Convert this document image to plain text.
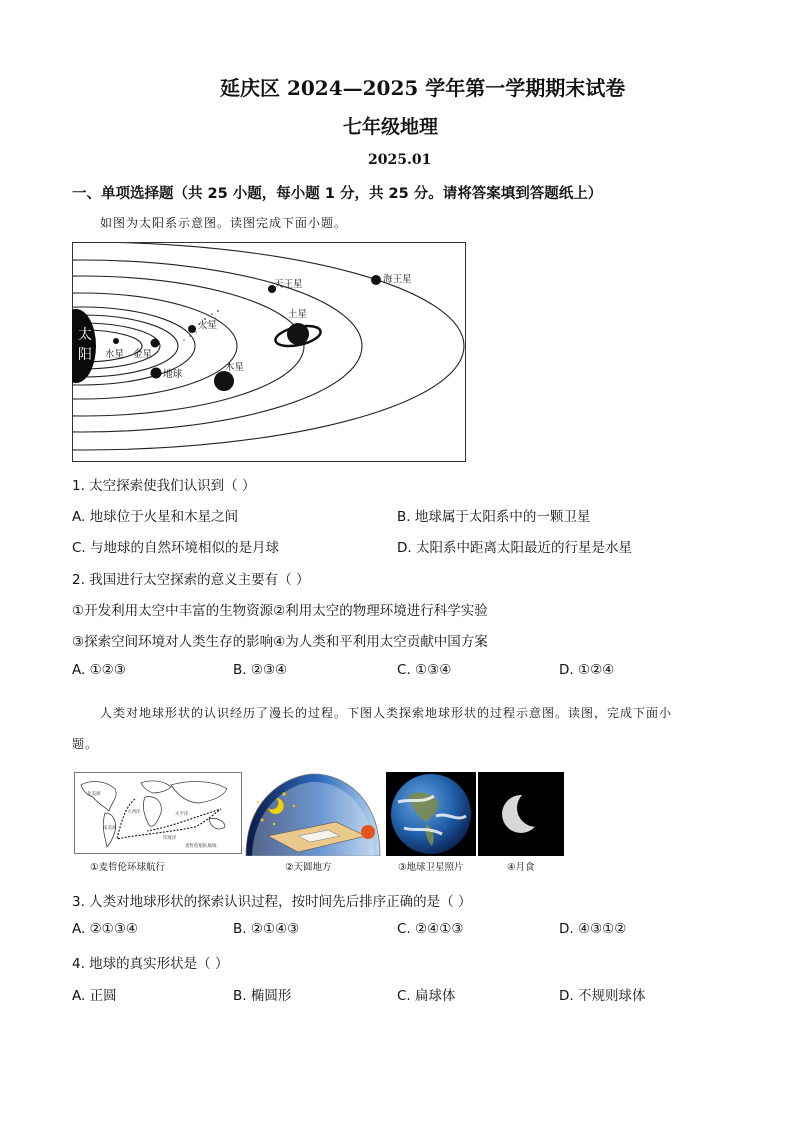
延庆区 2024—2025 学年第一学期期末试卷
七年级地理
2025.01
一、单项选择题（共 25 小题，每小题 1 分，共 25 分。请将答案填到答题纸上）
如图为太阳系示意图。读图完成下面小题。
太
阳 水星 金星
地球
火星
木星
土星
天王星	海王星
1. 太空探索使我们认识到（ ）
A. 地球位于火星和木星之间	B. 地球属于太阳系中的一颗卫星
C. 与地球的自然环境相似的是月球	D. 太阳系中距离太阳最近的行星是水星
2. 我国进行太空探索的意义主要有（ ）
①开发利用太空中丰富的生物资源②利用太空的物理环境进行科学实验
③探索空间环境对人类生存的影响④为人类和平利用太空贡献中国方案
A. ①②③	B. ②③④	C. ①③④	D. ①②④
人类对地球形状的认识经历了漫长的过程。下图人类探索地球形状的过程示意图。读图，完成下面小
题。
北美洲
南美洲
大西洋	太平洋
印度洋
麦哲伦船队航线
①麦哲伦环球航行	②天圆地方	③地球卫星照片	④月食
3. 人类对地球形状的探索认识过程，按时间先后排序正确的是（ ）
A. ②①③④	B. ②①④③	C. ②④①③	D. ④③①②
4. 地球的真实形状是（ ）
A. 正圆	B. 椭圆形	C. 扁球体	D. 不规则球体
